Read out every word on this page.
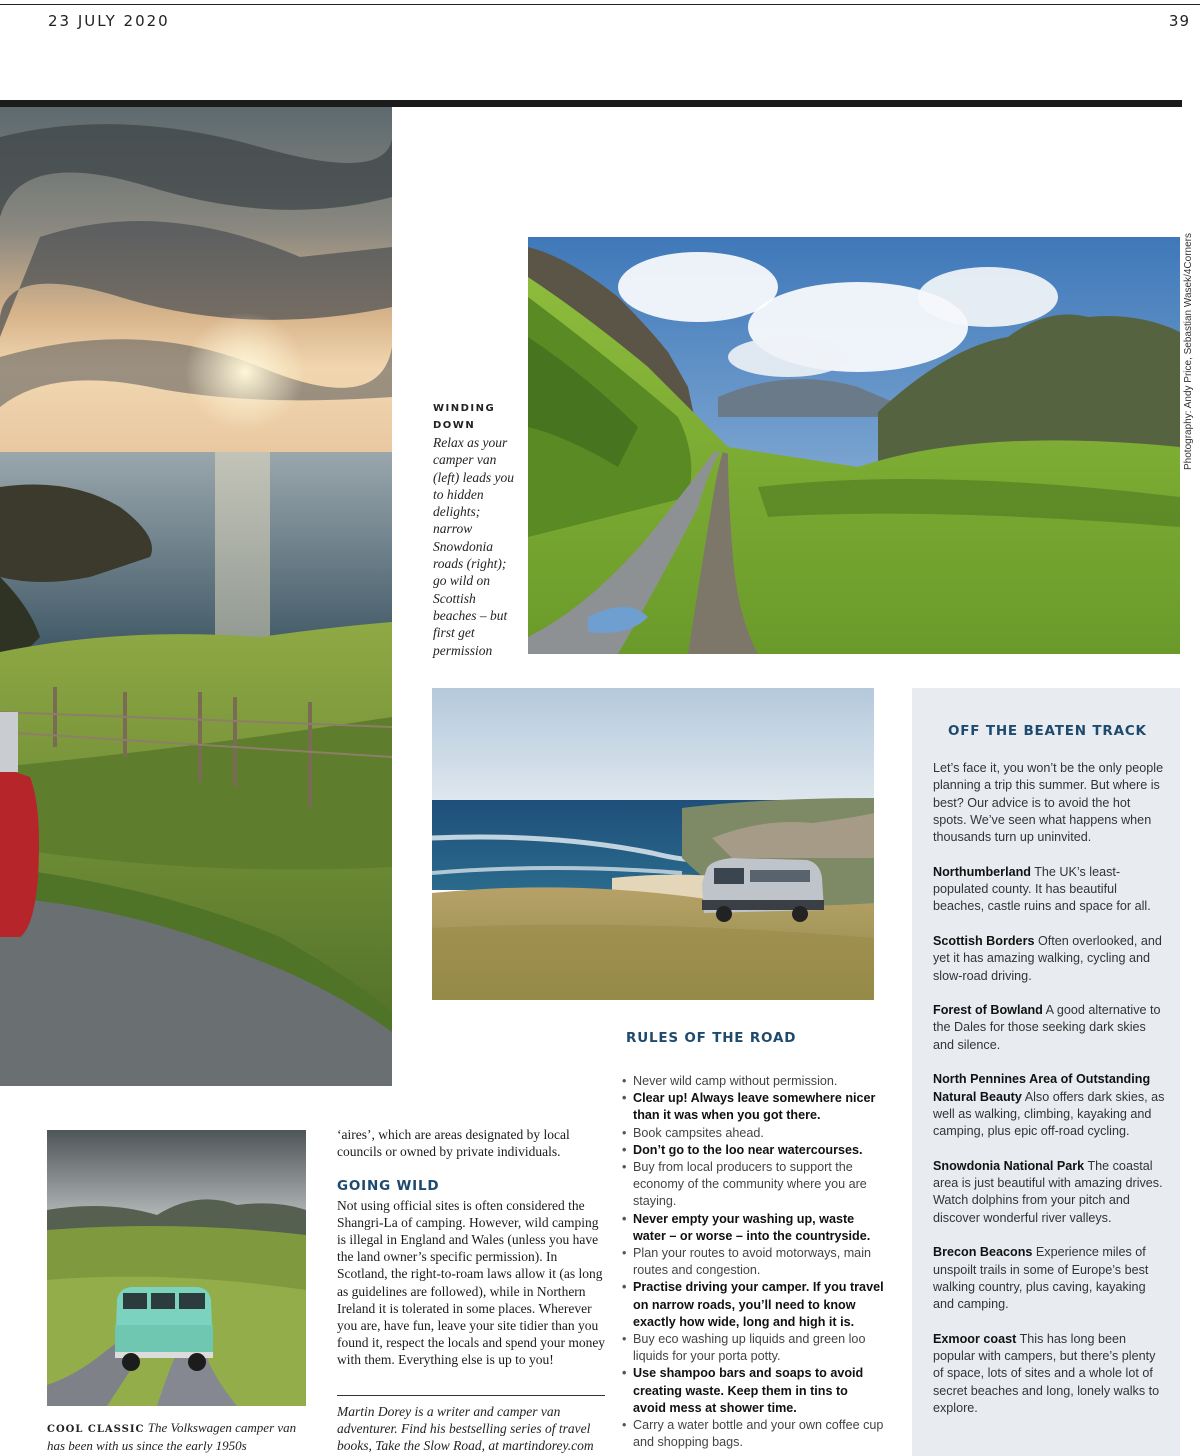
23 JULY 2020	39
Photography: Andy Price, Sebastian Wasek/4Corners
WINDING
DOWN
Relax as your camper van (left) leads you to hidden delights; narrow Snowdonia roads (right); go wild on Scottish beaches – but first get permission
COOL CLASSIC The Volkswagen camper van has been with us since the early 1950s

‘aires’, which are areas designated by local councils or owned by private individuals.

GOING WILD

Not using official sites is often considered the Shangri-La of camping. However, wild camping is illegal in England and Wales (unless you have the land owner’s specific permission). In Scotland, the right-to-roam laws allow it (as long as guidelines are followed), while in Northern Ireland it is tolerated in some places. Wherever you are, have fun, leave your site tidier than you found it, respect the locals and spend your money with them. Everything else is up to you!

Martin Dorey is a writer and camper van adventurer. Find his bestselling series of travel books, Take the Slow Road, at martindorey.com
RULES OF THE ROAD
• Never wild camp without permission.
• Clear up! Always leave somewhere nicer than it was when you got there.
• Book campsites ahead.
• Don’t go to the loo near watercourses.
• Buy from local producers to support the economy of the community where you are staying.
• Never empty your washing up, waste water – or worse – into the countryside.
• Plan your routes to avoid motorways, main routes and congestion.
• Practise driving your camper. If you travel on narrow roads, you’ll need to know exactly how wide, long and high it is.
• Buy eco washing up liquids and green loo liquids for your porta potty.
• Use shampoo bars and soaps to avoid creating waste. Keep them in tins to avoid mess at shower time.
• Carry a water bottle and your own coffee cup and shopping bags.
OFF THE BEATEN TRACK

Let’s face it, you won’t be the only people planning a trip this summer. But where is best? Our advice is to avoid the hot spots. We’ve seen what happens when thousands turn up uninvited.

Northumberland The UK’s least-populated county. It has beautiful beaches, castle ruins and space for all.

Scottish Borders Often overlooked, and yet it has amazing walking, cycling and slow-road driving.

Forest of Bowland A good alternative to the Dales for those seeking dark skies and silence.

North Pennines Area of Outstanding Natural Beauty Also offers dark skies, as well as walking, climbing, kayaking and camping, plus epic off-road cycling.

Snowdonia National Park The coastal area is just beautiful with amazing drives. Watch dolphins from your pitch and discover wonderful river valleys.

Brecon Beacons Experience miles of unspoilt trails in some of Europe’s best walking country, plus caving, kayaking and camping.

Exmoor coast This has long been popular with campers, but there’s plenty of space, lots of sites and a whole lot of secret beaches and long, lonely walks to explore.
